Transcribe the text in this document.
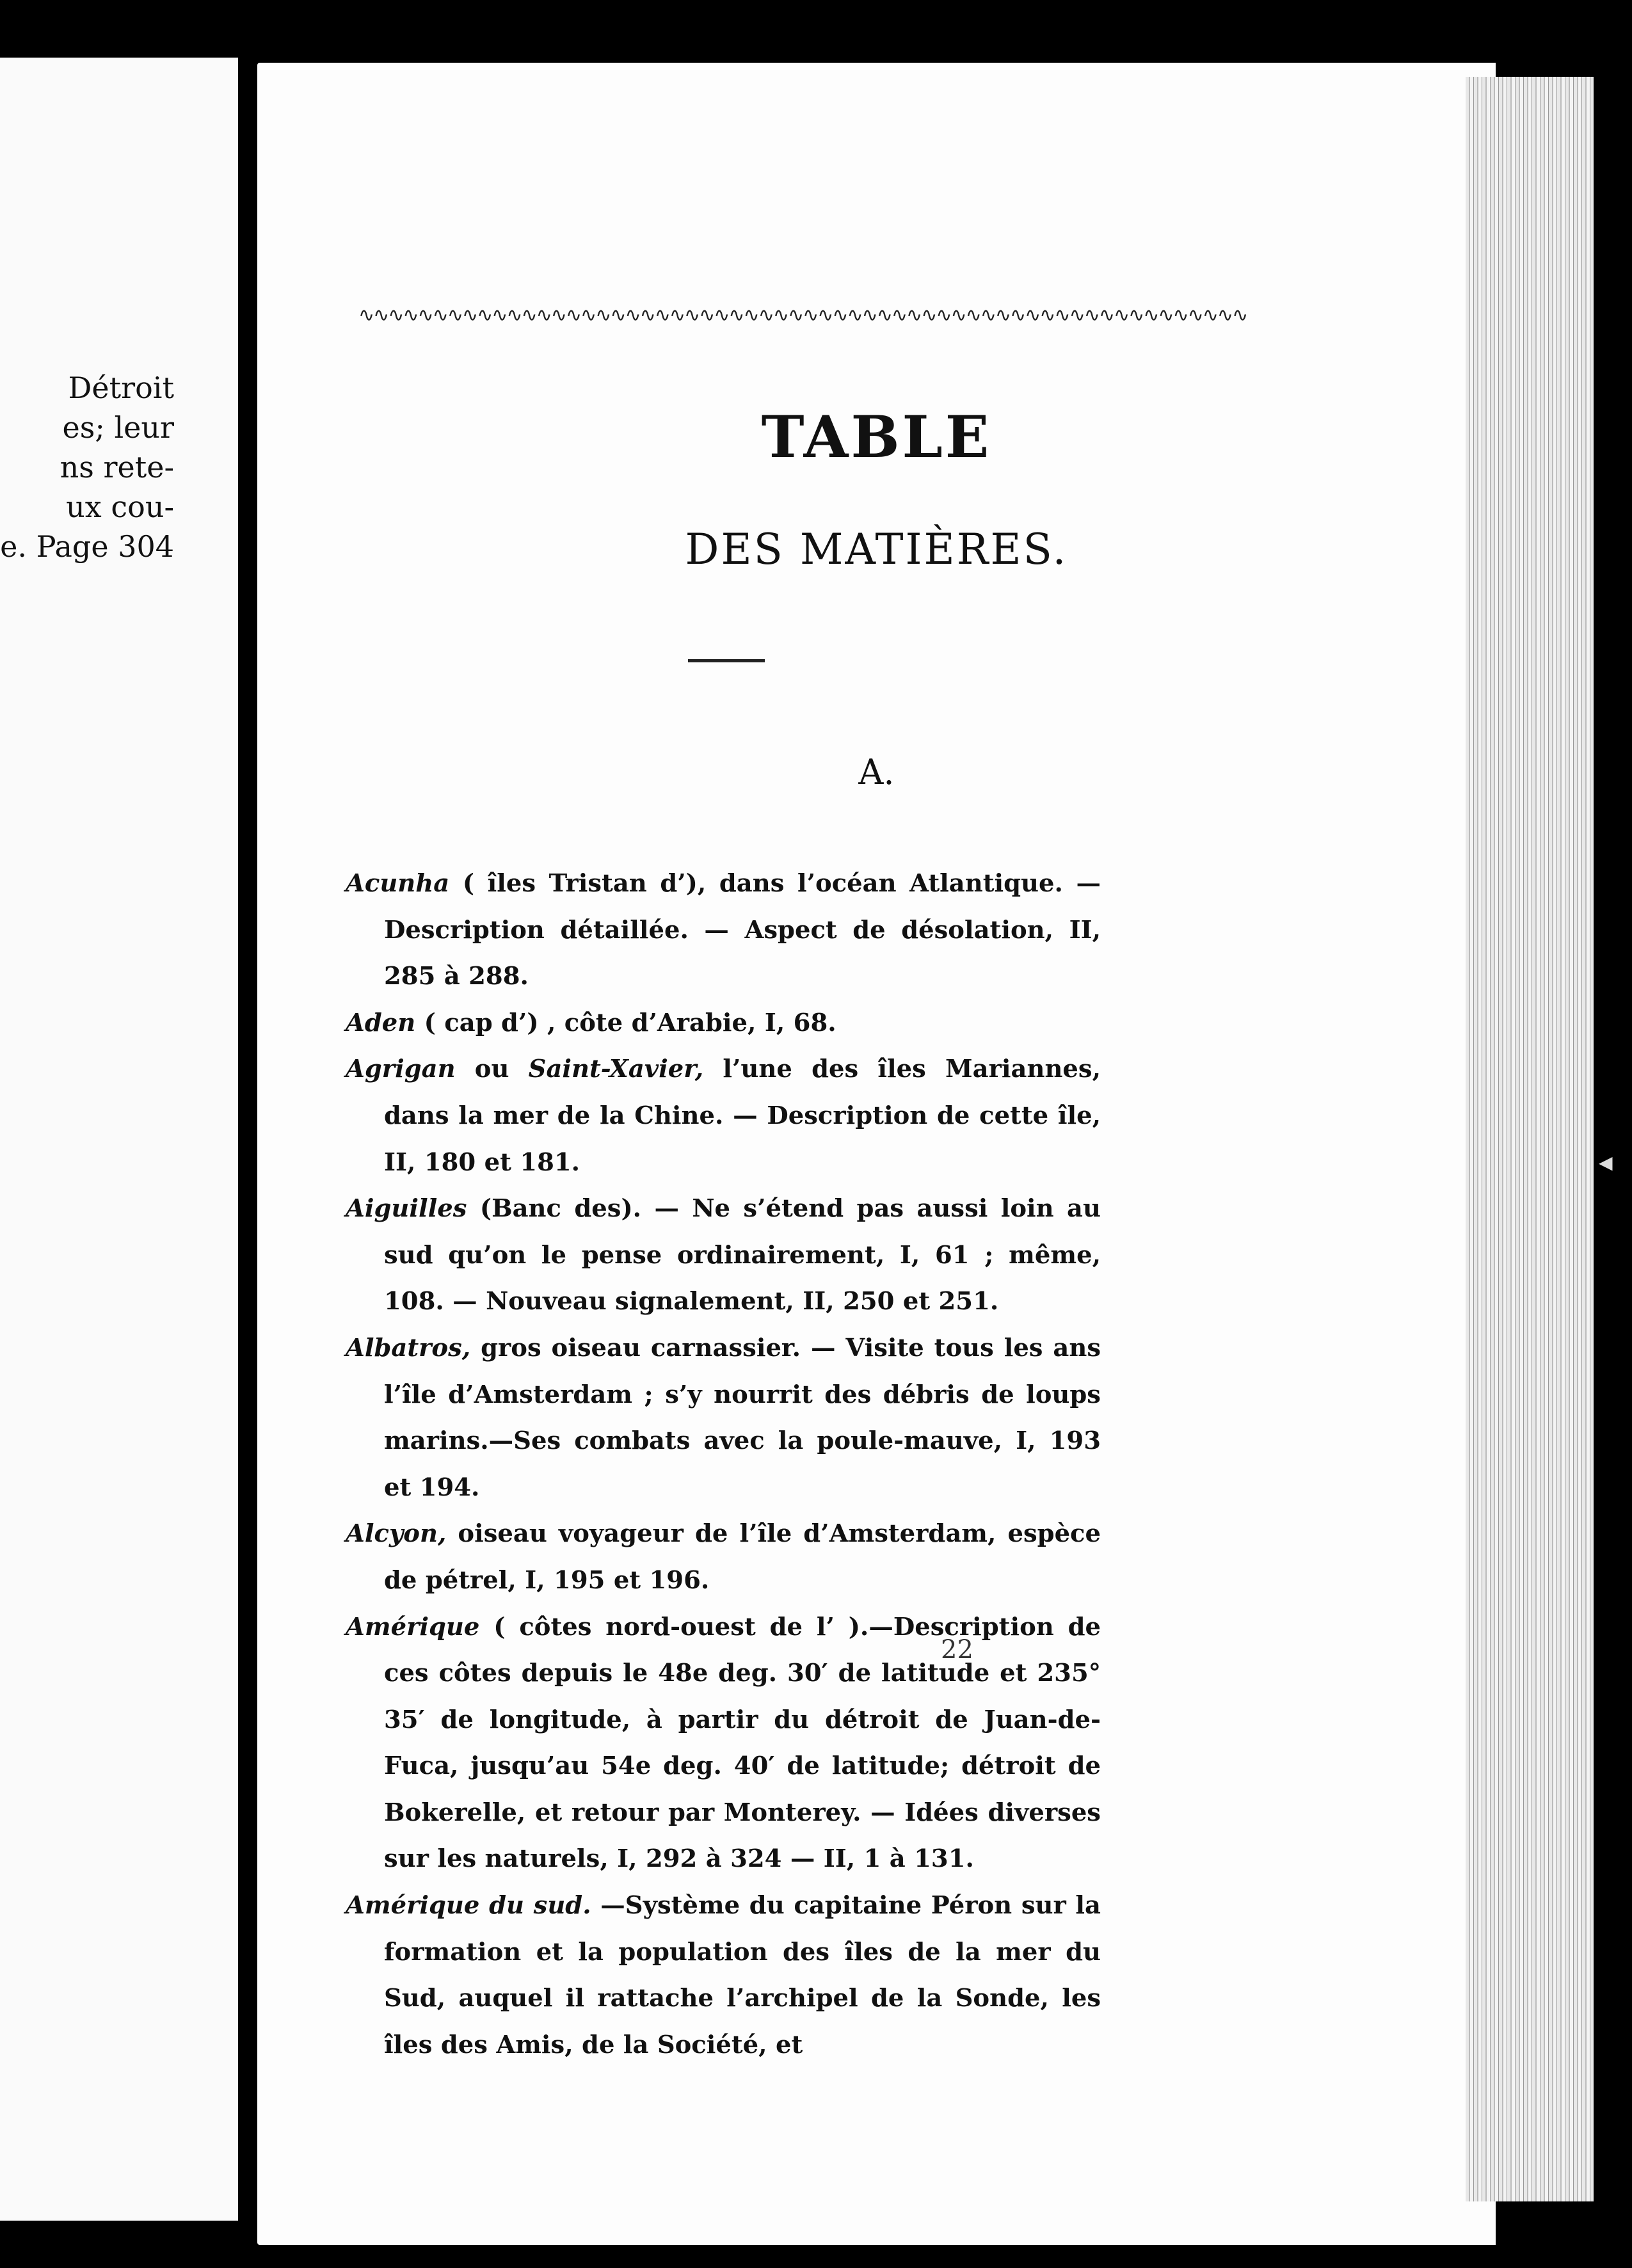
Détroit
es; leur
ns rete-
ux cou-
e. Page 304
◀
∿∿∿∿∿∿∿∿∿∿∿∿∿∿∿∿∿∿∿∿∿∿∿∿∿∿∿∿∿∿∿∿∿∿∿∿∿∿∿∿∿∿∿∿∿∿∿∿∿∿∿∿∿∿∿∿∿∿∿∿
TABLE
DES MATIÈRES.
A.
Acunha ( îles Tristan d’), dans l’océan Atlantique. — Description détaillée. — Aspect de désolation, II, 285 à 288.
Aden ( cap d’) , côte d’Arabie, I, 68.
Agrigan ou Saint-Xavier, l’une des îles Mariannes, dans la mer de la Chine. — Description de cette île, II, 180 et 181.
Aiguilles (Banc des). — Ne s’étend pas aussi loin au sud qu’on le pense ordinairement, I, 61 ; même, 108. — Nouveau signalement, II, 250 et 251.
Albatros, gros oiseau carnassier. — Visite tous les ans l’île d’Amsterdam ; s’y nourrit des débris de loups marins.—Ses combats avec la poule-mauve, I, 193 et 194.
Alcyon, oiseau voyageur de l’île d’Amsterdam, espèce de pétrel, I, 195 et 196.
Amérique ( côtes nord-ouest de l’ ).—Description de ces côtes depuis le 48e deg. 30′ de latitude et 235° 35′ de longitude, à partir du détroit de Juan-de-Fuca, jusqu’au 54e deg. 40′ de latitude; détroit de Bokerelle, et retour par Monterey. — Idées diverses sur les naturels, I, 292 à 324 — II, 1 à 131.
Amérique du sud. —Système du capitaine Péron sur la formation et la population des îles de la mer du Sud, auquel il rattache l’archipel de la Sonde, les îles des Amis, de la Société, et
22
